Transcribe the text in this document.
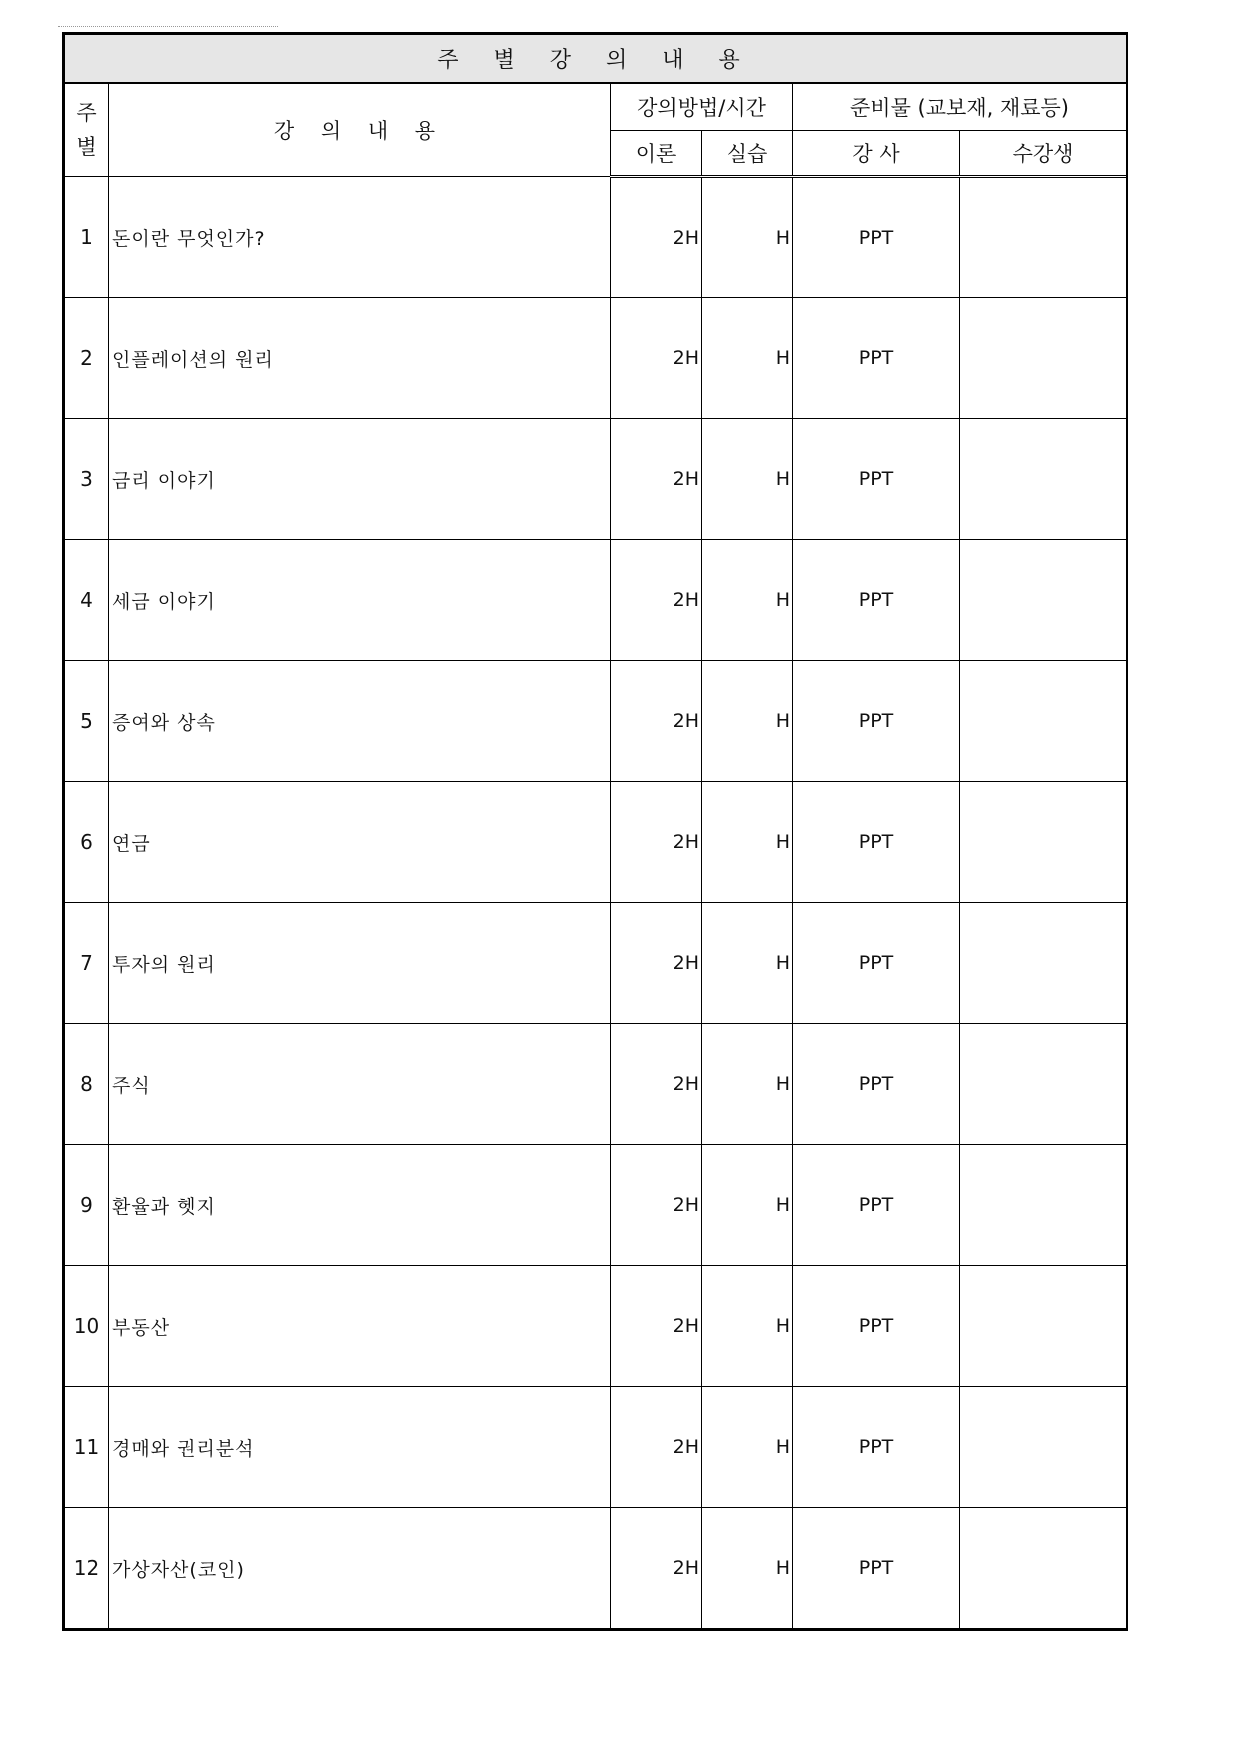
주 별 강 의 내 용					

주
별	강 의 내 용	강의방법/시간		준비물 (교보재, 재료등)	
		이론	실습	강 사	수강생
1	돈이란 무엇인가?	2H	H	PPT	
2	인플레이션의 원리	2H	H	PPT	
3	금리 이야기	2H	H	PPT	
4	세금 이야기	2H	H	PPT	
5	증여와 상속	2H	H	PPT	
6	연금	2H	H	PPT	
7	투자의 원리	2H	H	PPT	
8	주식	2H	H	PPT	
9	환율과 헷지	2H	H	PPT	
10	부동산	2H	H	PPT	
11	경매와 권리분석	2H	H	PPT	
12	가상자산(코인)	2H	H	PPT	
